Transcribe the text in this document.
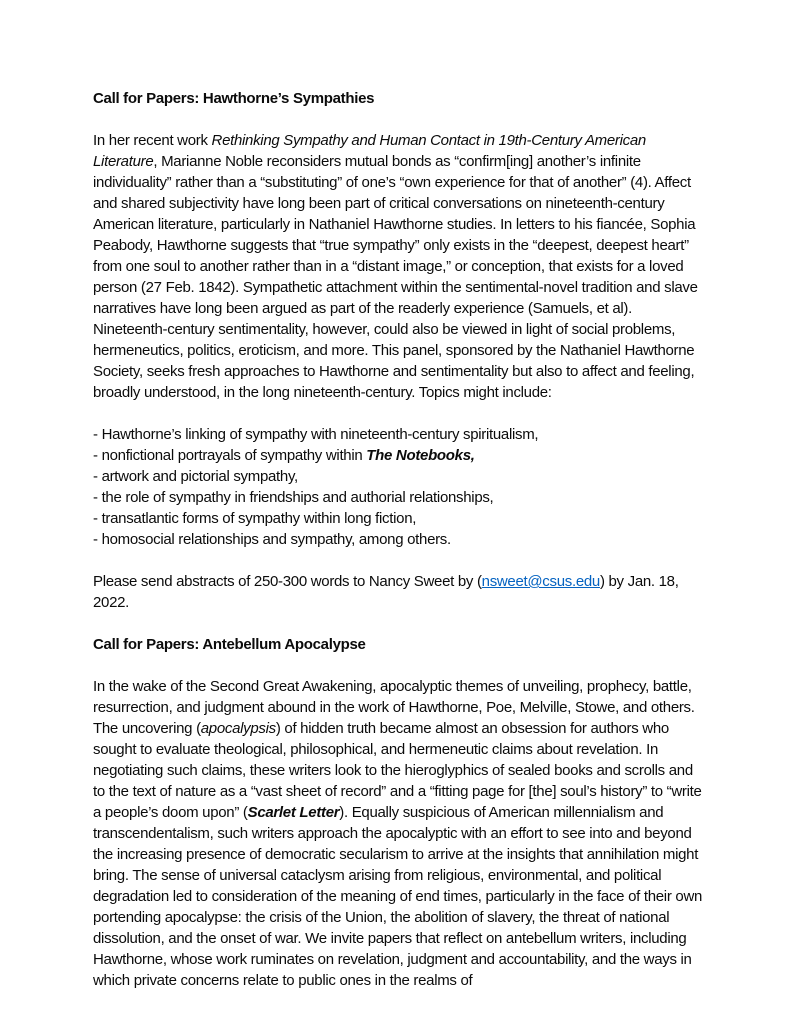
Call for Papers: Hawthorne’s Sympathies

In her recent work Rethinking Sympathy and Human Contact in 19th-Century American Literature, Marianne Noble reconsiders mutual bonds as “confirm[ing] another’s infinite individuality” rather than a “substituting” of one’s “own experience for that of another” (4). Affect and shared subjectivity have long been part of critical conversations on nineteenth-century American literature, particularly in Nathaniel Hawthorne studies. In letters to his fiancée, Sophia Peabody, Hawthorne suggests that “true sympathy” only exists in the “deepest, deepest heart” from one soul to another rather than in a “distant image,” or conception, that exists for a loved person (27 Feb. 1842). Sympathetic attachment within the sentimental-novel tradition and slave narratives have long been argued as part of the readerly experience (Samuels, et al). Nineteenth-century sentimentality, however, could also be viewed in light of social problems, hermeneutics, politics, eroticism, and more. This panel, sponsored by the Nathaniel Hawthorne Society, seeks fresh approaches to Hawthorne and sentimentality but also to affect and feeling, broadly understood, in the long nineteenth-century. Topics might include:

- Hawthorne’s linking of sympathy with nineteenth-century spiritualism,
- nonfictional portrayals of sympathy within The Notebooks,
- artwork and pictorial sympathy,
- the role of sympathy in friendships and authorial relationships,
- transatlantic forms of sympathy within long fiction,
- homosocial relationships and sympathy, among others.

Please send abstracts of 250-300 words to Nancy Sweet by (nsweet@csus.edu) by Jan. 18, 2022.

Call for Papers: Antebellum Apocalypse

In the wake of the Second Great Awakening, apocalyptic themes of unveiling, prophecy, battle, resurrection, and judgment abound in the work of Hawthorne, Poe, Melville, Stowe, and others. The uncovering (apocalypsis) of hidden truth became almost an obsession for authors who sought to evaluate theological, philosophical, and hermeneutic claims about revelation. In negotiating such claims, these writers look to the hieroglyphics of sealed books and scrolls and to the text of nature as a “vast sheet of record” and a “fitting page for [the] soul’s history” to “write a people’s doom upon” (Scarlet Letter). Equally suspicious of American millennialism and transcendentalism, such writers approach the apocalyptic with an effort to see into and beyond the increasing presence of democratic secularism to arrive at the insights that annihilation might bring. The sense of universal cataclysm arising from religious, environmental, and political degradation led to consideration of the meaning of end times, particularly in the face of their own portending apocalypse: the crisis of the Union, the abolition of slavery, the threat of national dissolution, and the onset of war. We invite papers that reflect on antebellum writers, including Hawthorne, whose work ruminates on revelation, judgment and accountability, and the ways in which private concerns relate to public ones in the realms of
